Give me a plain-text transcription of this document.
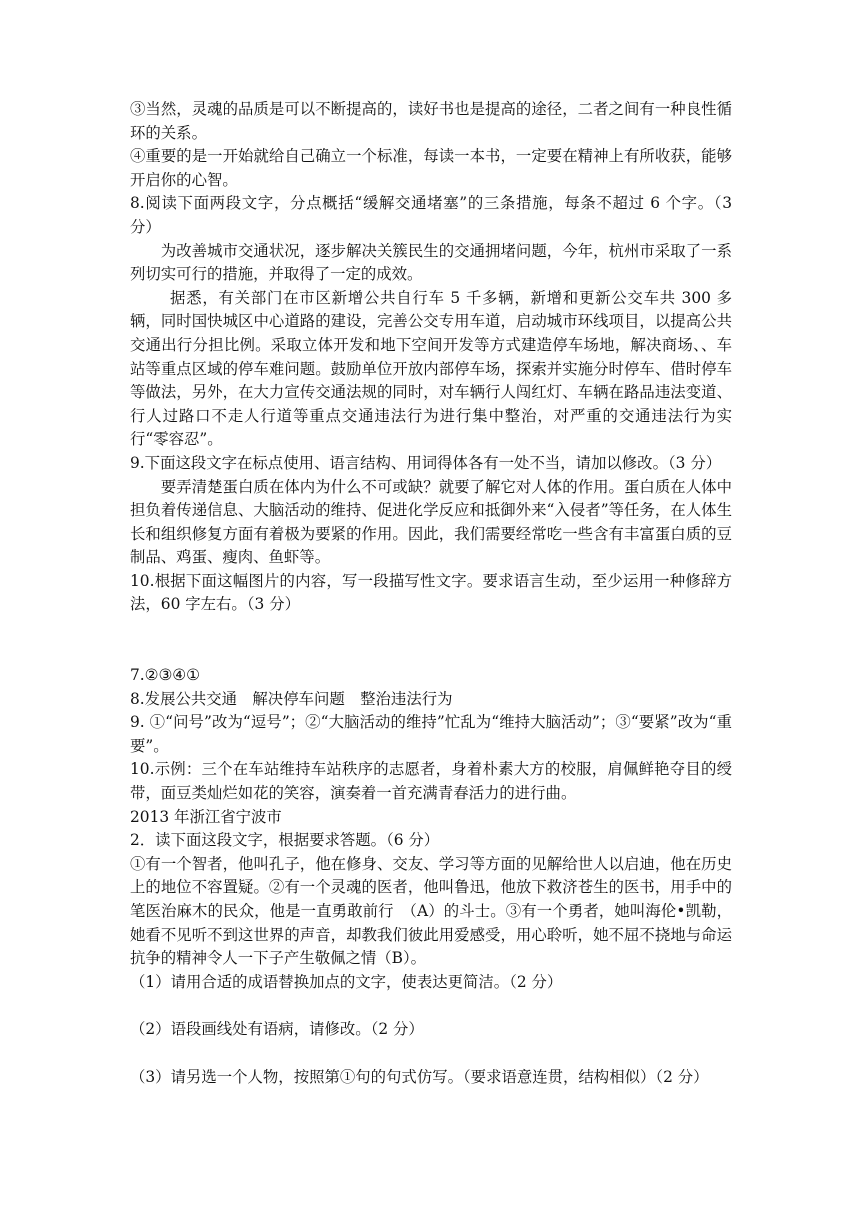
③当然，灵魂的品质是可以不断提高的，读好书也是提高的途径，二者之间有一种良性循环的关系。

④重要的是一开始就给自己确立一个标准，每读一本书，一定要在精神上有所收获，能够开启你的心智。

8.阅读下面两段文字，分点概括“缓解交通堵塞”的三条措施，每条不超过 6 个字。（3 分）

为改善城市交通状况，逐步解决关簇民生的交通拥堵问题，今年，杭州市采取了一系列切实可行的措施，并取得了一定的成效。

据悉，有关部门在市区新增公共自行车 5 千多辆，新增和更新公交车共 300 多辆，同时国快城区中心道路的建设，完善公交专用车道，启动城市环线项目，以提高公共交通出行分担比例。采取立体开发和地下空间开发等方式建造停车场地，解决商场、、车站等重点区域的停车难问题。鼓励单位开放内部停车场，探索并实施分时停车、借时停车等做法，另外，在大力宣传交通法规的同时，对车辆行人闯红灯、车辆在路品违法变道、行人过路口不走人行道等重点交通违法行为进行集中整治，对严重的交通违法行为实行“零容忍”。

9.下面这段文字在标点使用、语言结构、用词得体各有一处不当，请加以修改。（3 分）

要弄清楚蛋白质在体内为什么不可或缺？就要了解它对人体的作用。蛋白质在人体中担负着传递信息、大脑活动的维持、促进化学反应和抵御外来“入侵者”等任务，在人体生长和组织修复方面有着极为要紧的作用。因此，我们需要经常吃一些含有丰富蛋白质的豆制品、鸡蛋、瘦肉、鱼虾等。

10.根据下面这幅图片的内容，写一段描写性文字。要求语言生动，至少运用一种修辞方法，60 字左右。（3 分）

7.②③④①

8.发展公共交通　解决停车问题　整治违法行为

9. ①“问号”改为“逗号”；②“大脑活动的维持”忙乱为“维持大脑活动”；③“要紧”改为“重要”。

10.示例：三个在车站维持车站秩序的志愿者，身着朴素大方的校服，肩佩鲜艳夺目的绶带，面豆类灿烂如花的笑容，演奏着一首充满青春活力的进行曲。

2013 年浙江省宁波市

2．读下面这段文字，根据要求答题。（6 分）

①有一个智者，他叫孔子，他在修身、交友、学习等方面的见解给世人以启迪，他在历史上的地位不容置疑。②有一个灵魂的医者，他叫鲁迅，他放下救济苍生的医书，用手中的笔医治麻木的民众，他是一直勇敢前行　（A）的斗士。③有一个勇者，她叫海伦•凯勒，她看不见听不到这世界的声音，却教我们彼此用爱感受，用心聆听，她不屈不挠地与命运抗争的精神令人一下子产生敬佩之情（B）。

（1）请用合适的成语替换加点的文字，使表达更简洁。（2 分）

（2）语段画线处有语病，请修改。（2 分）

（3）请另选一个人物，按照第①句的句式仿写。（要求语意连贯，结构相似）（2 分）
